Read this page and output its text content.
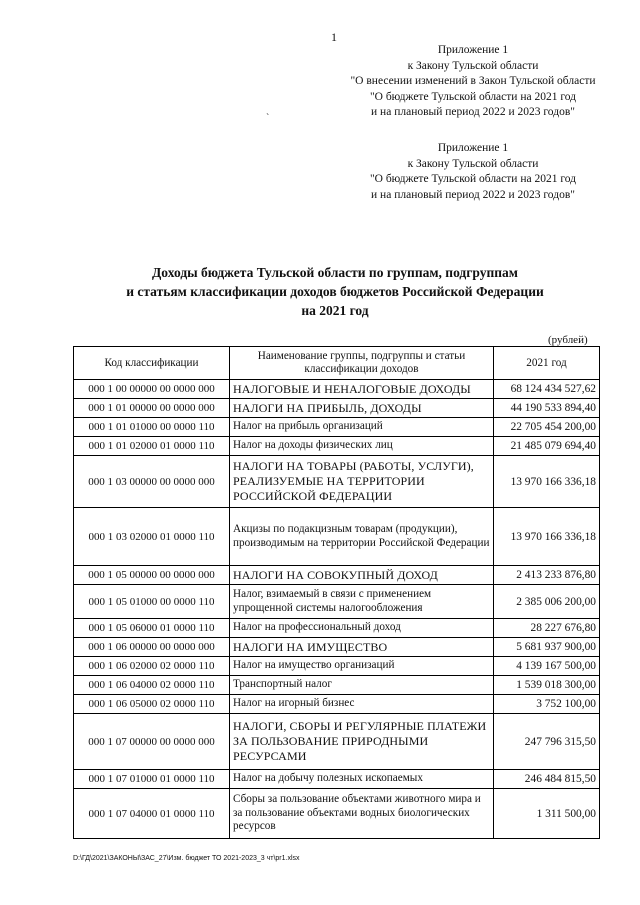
1
Приложение 1
к Закону Тульской области
"О внесении изменений в Закон Тульской области
"О бюджете Тульской области на 2021 год
и на плановый период 2022 и 2023 годов"
`
Приложение 1
к Закону Тульской области
"О бюджете Тульской области на 2021 год
и на плановый период 2022 и 2023 годов"
Доходы бюджета Тульской области по группам, подгруппам
и статьям классификации доходов бюджетов Российской Федерации
на 2021 год
(рублей)
Код классификации	Наименование группы, подгруппы и статьи классификации доходов	2021 год
000 1 00 00000 00 0000 000	НАЛОГОВЫЕ И НЕНАЛОГОВЫЕ ДОХОДЫ	68 124 434 527,62
000 1 01 00000 00 0000 000	НАЛОГИ НА ПРИБЫЛЬ, ДОХОДЫ	44 190 533 894,40
000 1 01 01000 00 0000 110	Налог на прибыль организаций	22 705 454 200,00
000 1 01 02000 01 0000 110	Налог на доходы физических лиц	21 485 079 694,40
000 1 03 00000 00 0000 000	НАЛОГИ НА ТОВАРЫ (РАБОТЫ, УСЛУГИ), РЕАЛИЗУЕМЫЕ НА ТЕРРИТОРИИ РОССИЙСКОЙ ФЕДЕРАЦИИ	13 970 166 336,18
000 1 03 02000 01 0000 110	Акцизы по подакцизным товарам (продукции), производимым на территории Российской Федерации	13 970 166 336,18
000 1 05 00000 00 0000 000	НАЛОГИ НА СОВОКУПНЫЙ ДОХОД	2 413 233 876,80
000 1 05 01000 00 0000 110	Налог, взимаемый в связи с применением упрощенной системы налогообложения	2 385 006 200,00
000 1 05 06000 01 0000 110	Налог на профессиональный доход	28 227 676,80
000 1 06 00000 00 0000 000	НАЛОГИ НА ИМУЩЕСТВО	5 681 937 900,00
000 1 06 02000 02 0000 110	Налог на имущество организаций	4 139 167 500,00
000 1 06 04000 02 0000 110	Транспортный налог	1 539 018 300,00
000 1 06 05000 02 0000 110	Налог на игорный бизнес	3 752 100,00
000 1 07 00000 00 0000 000	НАЛОГИ, СБОРЫ И РЕГУЛЯРНЫЕ ПЛАТЕЖИ ЗА ПОЛЬЗОВАНИЕ ПРИРОДНЫМИ РЕСУРСАМИ	247 796 315,50
000 1 07 01000 01 0000 110	Налог на добычу полезных ископаемых	246 484 815,50
000 1 07 04000 01 0000 110	Сборы за пользование объектами животного мира и за пользование объектами водных биологических ресурсов	1 311 500,00
D:\ГД\2021\ЗАКОНЫ\ЗАС_27\Изм. бюджет ТО 2021-2023_3 чт\pr1.xlsx
